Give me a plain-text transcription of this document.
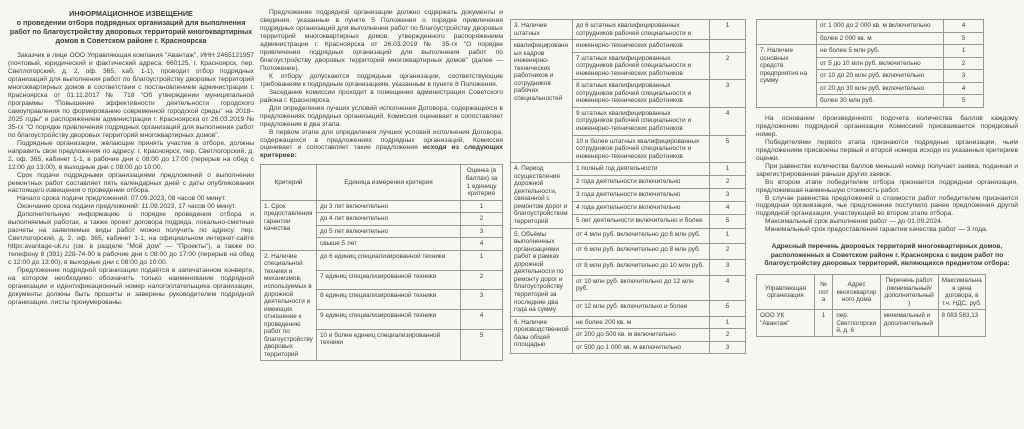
ИНФОРМАЦИОННОЕ ИЗВЕЩЕНИЕ
о проведении отбора подрядных организаций для выполнения работ по благоустройству дворовых территорий многоквартирных домов в Советском районе г. Красноярска

Заказчик в лице ООО Управляющая компания "Авантаж", ИНН 2465121957 (почтовый, юридический и фактический адреса: 660125, г. Красноярск, пер. Светлогорский, д. 2, оф. 365, каб. 1-1), проводит отбор подрядных организаций для выполнения работ по благоустройству дворовых территорий многоквартирных домов в соответствии с постановлением администрации г. Красноярска от 01.11.2017 № 718 "Об утверждении муниципальной программы "Повышение эффективности деятельности городского самоуправления по формированию современной городской среды" на 2018–2025 годы" и распоряжением администрации г. Красноярска от 26.03.2019 № 35-гх "О порядке привлечения подрядных организаций для выполнения работ по благоустройству дворовых территорий многоквартирных домов".

Подрядные организации, желающие принять участие в отборе, должны направить свои предложения по адресу: г. Красноярск, пер. Светлогорский, д. 2, оф. 365, кабинет 1-1, в рабочие дни с 08:00 до 17:00 (перерыв на обед с 12:00 до 13:00), в выходные дни с 08:00 до 10:00.

Срок подачи подрядными организациями предложений о выполнении ремонтных работ составляет пять календарных дней с даты опубликования настоящего извещения о проведении отбора.

Начало срока подачи предложений: 07.09.2023, 08 часов 00 минут.

Окончание срока подачи предложений: 11.09.2023, 17 часов 00 минут.

Дополнительную информацию о порядке проведения отбора и выполняемых работах, а также проект договора подряда, локально-сметные расчеты на заявляемые виды работ можно получить по адресу: пер. Светлогорский, д. 2, оф. 365, кабинет 1-1, на официальном интернет-сайте https:avantage-uk.ru (см. в разделе "Мой дом" — "Проекты"), а также по телефону 8 (391) 228-74-90 в рабочие дни с 08:00 до 17:00 (перерыв на обед с 12:00 до 13:00), в выходные дни с 08:00 до 10:00.

Предложение подрядной организации подаётся в запечатанном конверте, на котором необходимо обозначить только наименование подрядной организации и идентификационный номер налогоплательщика организации, документы должны быть прошиты и заверены руководителем подрядной организации, листы пронумерованы.

Предложение подрядной организации должно содержать документы и сведения, указанные в пункте 5 Положения о порядке привлечения подрядных организаций для выполнения работ по благоустройству дворовых территорий многоквартирных домов, утвержденного распоряжением администрации г. Красноярска от 26.03.2019 № 35-гх "О порядке привлечения подрядных организаций для выполнения работ по благоустройству дворовых территорий многоквартирных домов" (далее — Положение).

К отбору допускаются подрядные организации, соответствующие требованиям к подрядным организациям, указанным в пункте 8 Положения.

Заседание комиссии проходит в помещении администрации Советского района г. Красноярска.

Для определения лучших условий исполнения Договора, содержащихся в предложениях подрядных организаций, Комиссия оценивает и сопоставляет предложения в два этапа.

В первом этапе для определения лучших условий исполнения Договора, содержащихся в предложениях подрядных организаций, Комиссия оценивает и сопоставляет такие предложения исходя из следующих критериев:

Критерий	Единица измерения критерия	Оценка (в баллах) за 1 единицу критерия
1. Срок предоставления гарантии качества	до 3 лет включительно	1
	до 4 лет включительно	2
	до 5 лет включительно	3
	свыше 5 лет	4
2. Наличие специальной техники и механизмов, используемых в дорожной деятельности и имеющих отношение к проведению работ по благоустройству дворовых территорий	до 6 единиц специализированной техники	1
	7 единиц специализированной техники	2
	8 единиц специализированной техники	3
	9 единиц специализированной техники	4
	10 и более единиц специализированной техники	5
3. Наличие штатных	до 6 штатных квалифицированных сотрудников рабочей специальности и	1
квалифицированных кадров инженерно-технических работников и сотрудников рабочих специальностей	инженерно-технических работников	
	7 штатных квалифицированных сотрудников рабочей специальности и инженерно-технических работников	2
	8 штатных квалифицированных сотрудников рабочей специальности и инженерно-технических работников	3
	9 штатных квалифицированных сотрудников рабочей специальности и инженерно-технических работников	4
	10 и более штатных квалифицированных сотрудников рабочей специальности и инженерно-технических работников	5
4. Период осуществления дорожной деятельности, связанной с ремонтом дорог и благоустройством территорий	1 полный год деятельности	1
	2 года деятельности включительно	2
	3 года деятельности включительно	3
	4 года деятельности включительно	4
	5 лет деятельности включительно и более	5
5. Объёмы выполненных организациями работ в рамках дорожной деятельности по ремонту дорог и благоустройству территорий за последние два года на сумму	от 4 млн руб. включительно до 6 млн руб.	1
	от 6 млн руб. включительно до 8 млн руб.	2
	от 8 млн руб. включительно до 10 млн руб.	3
	от 10 млн руб. включительно до 12 млн руб.	4
	от 12 млн руб. включительно и более	5
6. Наличие производственной базы общей площадью	не более 200 кв. м	1
	от 200 до 500 кв. м включительно	2
	от 500 до 1 000 кв. м включительно	3
	от 1 000 до 2 000 кв. м включительно	4
	более 2 000 кв. м	5
7. Наличие основных средств предприятия на сумму	не более 5 млн руб.	1
	от 5 до 10 млн руб. включительно	2
	от 10 до 20 млн руб. включительно	3
	от 20 до 30 млн руб. включительно	4
	более 30 млн руб.	5

На основании произведенного подсчета количества баллов каждому предложению подрядной организации Комиссией присваивается порядковый номер.

Победителями первого этапа признаются подрядные организации, чьим предложениям присвоены первый и второй номера исходя из указанных критериев оценки.

При равенстве количества баллов меньший номер получает заявка, поданная и зарегистрированная раньше других заявок.

Во втором этапе победителем отбора признается подрядная организация, предложившая наименьшую стоимость работ.

В случае равенства предложений о стоимости работ победителем признается подрядная организация, чье предложение поступило ранее предложения другой подрядной организации, участвующей во втором этапе отбора.

Максимальный срок выполнения работ — до 01.09.2024.

Минимальный срок предоставления гарантии качества работ — 3 года.

Адресный перечень дворовых территорий многоквартирных домов, расположенных в Советском районе г. Красноярска с видом работ по благоустройству дворовых территорий, являющихся предметом отбора:
Управляющая организация	№ лота	Адрес многоквартирного дома	Перечень работ (минимальный/ дополнительный)	Максимальная цена договора, в т.ч. НДС, руб.
ООО УК "Авантаж"	1	пер. Светлогорский, д. 6	минимальный и дополнительный	8 083 583,13
